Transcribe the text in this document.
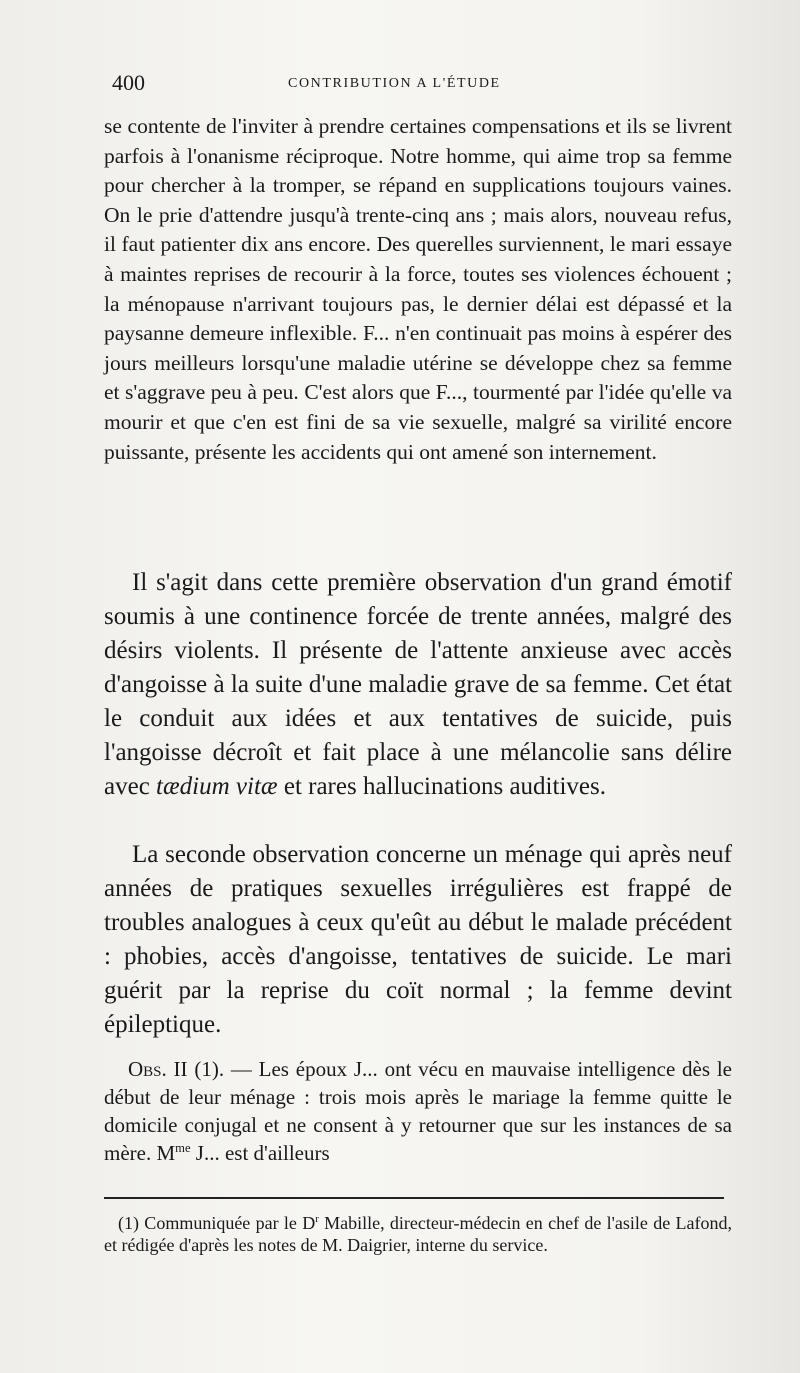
400	CONTRIBUTION A L'ÉTUDE

se contente de l'inviter à prendre certaines compensations et ils se livrent parfois à l'onanisme réciproque. Notre homme, qui aime trop sa femme pour chercher à la tromper, se répand en supplications toujours vaines. On le prie d'attendre jusqu'à trente-cinq ans ; mais alors, nouveau refus, il faut patienter dix ans encore. Des querelles surviennent, le mari essaye à maintes reprises de recourir à la force, toutes ses violences échouent ; la ménopause n'arrivant toujours pas, le dernier délai est dépassé et la paysanne demeure inflexible. F... n'en continuait pas moins à espérer des jours meilleurs lorsqu'une maladie utérine se développe chez sa femme et s'aggrave peu à peu. C'est alors que F..., tourmenté par l'idée qu'elle va mourir et que c'en est fini de sa vie sexuelle, malgré sa virilité encore puissante, présente les accidents qui ont amené son internement.

Il s'agit dans cette première observation d'un grand émotif soumis à une continence forcée de trente années, malgré des désirs violents. Il présente de l'attente anxieuse avec accès d'angoisse à la suite d'une maladie grave de sa femme. Cet état le conduit aux idées et aux tentatives de suicide, puis l'angoisse décroît et fait place à une mélancolie sans délire avec tædium vitæ et rares hallucinations auditives.

La seconde observation concerne un ménage qui après neuf années de pratiques sexuelles irrégulières est frappé de troubles analogues à ceux qu'eût au début le malade précédent : phobies, accès d'angoisse, tentatives de suicide. Le mari guérit par la reprise du coït normal ; la femme devint épileptique.

Obs. II (1). — Les époux J... ont vécu en mauvaise intelligence dès le début de leur ménage : trois mois après le mariage la femme quitte le domicile conjugal et ne consent à y retourner que sur les instances de sa mère. $M^{me}$ J... est d'ailleurs

(1) Communiquée par le $D^r$ Mabille, directeur-médecin en chef de l'asile de Lafond, et rédigée d'après les notes de M. Daigrier, interne du service.
